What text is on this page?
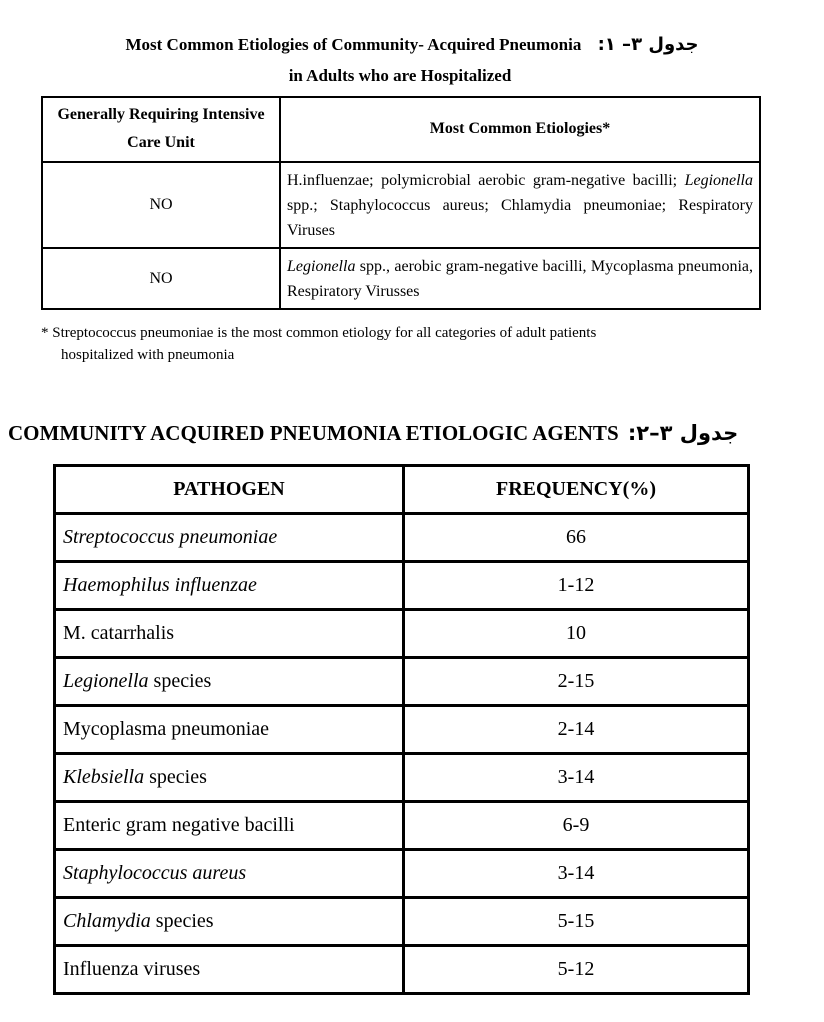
Most Common Etiologies of Community- Acquired Pneumonia جدول ۳– ۱:
in Adults who are Hospitalized
Generally Requiring Intensive Care Unit	Most Common Etiologies*
NO	H.influenzae; polymicrobial aerobic gram-negative bacilli; Legionella spp.; Staphylococcus aureus; Chlamydia pneumoniae; Respiratory Viruses
NO	Legionella spp., aerobic gram-negative bacilli, Mycoplasma pneumonia, Respiratory Virusses
* Streptococcus pneumoniae is the most common etiology for all categories of adult patients
hospitalized with pneumonia
COMMUNITY ACQUIRED PNEUMONIA ETIOLOGIC AGENTS جدول ۳–۲:
PATHOGEN	FREQUENCY(%)
Streptococcus pneumoniae	66
Haemophilus influenzae	1-12
M. catarrhalis	10
Legionella species	2-15
Mycoplasma pneumoniae	2-14
Klebsiella species	3-14
Enteric gram negative bacilli	6-9
Staphylococcus aureus	3-14
Chlamydia species	5-15
Influenza viruses	5-12
